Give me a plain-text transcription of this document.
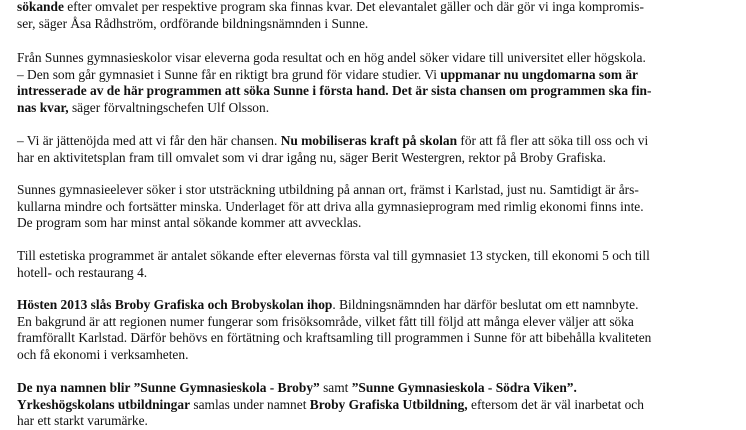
sökande efter omvalet per respektive program ska finnas kvar. Det elevantalet gäller och där gör vi inga kompromis-
ser, säger Åsa Rådhström, ordförande bildningsnämnden i Sunne.
Från Sunnes gymnasieskolor visar eleverna goda resultat och en hög andel söker vidare till universitet eller högskola.
– Den som går gymnasiet i Sunne får en riktigt bra grund för vidare studier. Vi uppmanar nu ungdomarna som är
intresserade av de här programmen att söka Sunne i första hand. Det är sista chansen om programmen ska fin-
nas kvar, säger förvaltningschefen Ulf Olsson.
– Vi är jättenöjda med att vi får den här chansen. Nu mobiliseras kraft på skolan för att få fler att söka till oss och vi
har en aktivitetsplan fram till omvalet som vi drar igång nu, säger Berit Westergren, rektor på Broby Grafiska.
Sunnes gymnasieelever söker i stor utsträckning utbildning på annan ort, främst i Karlstad, just nu. Samtidigt är års-
kullarna mindre och fortsätter minska. Underlaget för att driva alla gymnasieprogram med rimlig ekonomi finns inte.
De program som har minst antal sökande kommer att avvecklas.
Till estetiska programmet är antalet sökande efter elevernas första val till gymnasiet 13 stycken, till ekonomi 5 och till
hotell- och restaurang 4.
Hösten 2013 slås Broby Grafiska och Brobyskolan ihop. Bildningsnämnden har därför beslutat om ett namnbyte.
En bakgrund är att regionen numer fungerar som frisöksområde, vilket fått till följd att många elever väljer att söka
framförallt Karlstad. Därför behövs en förtätning och kraftsamling till programmen i Sunne för att bibehålla kvaliteten
och få ekonomi i verksamheten.
De nya namnen blir ”Sunne Gymnasieskola - Broby” samt ”Sunne Gymnasieskola - Södra Viken”.
Yrkeshögskolans utbildningar samlas under namnet Broby Grafiska Utbildning, eftersom det är väl inarbetat och
har ett starkt varumärke.
